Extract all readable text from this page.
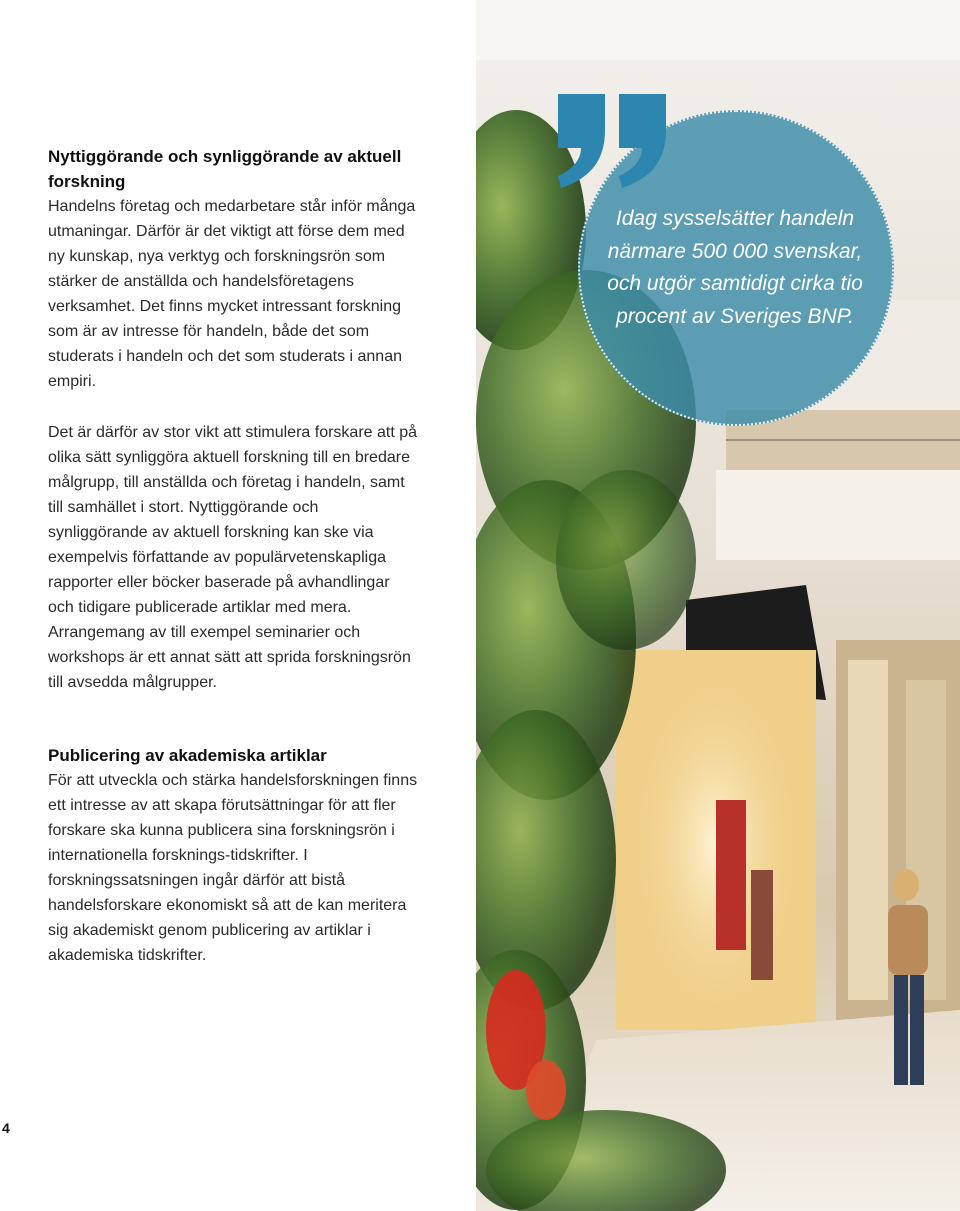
Nyttiggörande och synliggörande av aktuell forskning
Handelns företag och medarbetare står inför många utmaningar. Därför är det viktigt att förse dem med ny kunskap, nya verktyg och forskningsrön som stärker de anställda och handelsföretagens verksamhet. Det finns mycket intressant forskning som är av intresse för handeln, både det som studerats i handeln och det som studerats i annan empiri.
Det är därför av stor vikt att stimulera forskare att på olika sätt synliggöra aktuell forskning till en bredare målgrupp, till anställda och företag i handeln, samt till samhället i stort. Nyttiggörande och synliggörande av aktuell forskning kan ske via exempelvis författande av populärvetenskapliga rapporter eller böcker baserade på avhandlingar och tidigare publicerade artiklar med mera. Arrangemang av till exempel seminarier och workshops är ett annat sätt att sprida forskningsrön till avsedda målgrupper.
Publicering av akademiska artiklar
För att utveckla och stärka handelsforskningen finns ett intresse av att skapa förutsättningar för att fler forskare ska kunna publicera sina forskningsrön i internationella forsknings-tidskrifter. I forskningssatsningen ingår därför att bistå handelsforskare ekonomiskt så att de kan meritera sig akademiskt genom publicering av artiklar i akademiska tidskrifter.
4
Idag sysselsätter handeln närmare 500 000 svenskar, och utgör samtidigt cirka tio procent av Sveriges BNP.
